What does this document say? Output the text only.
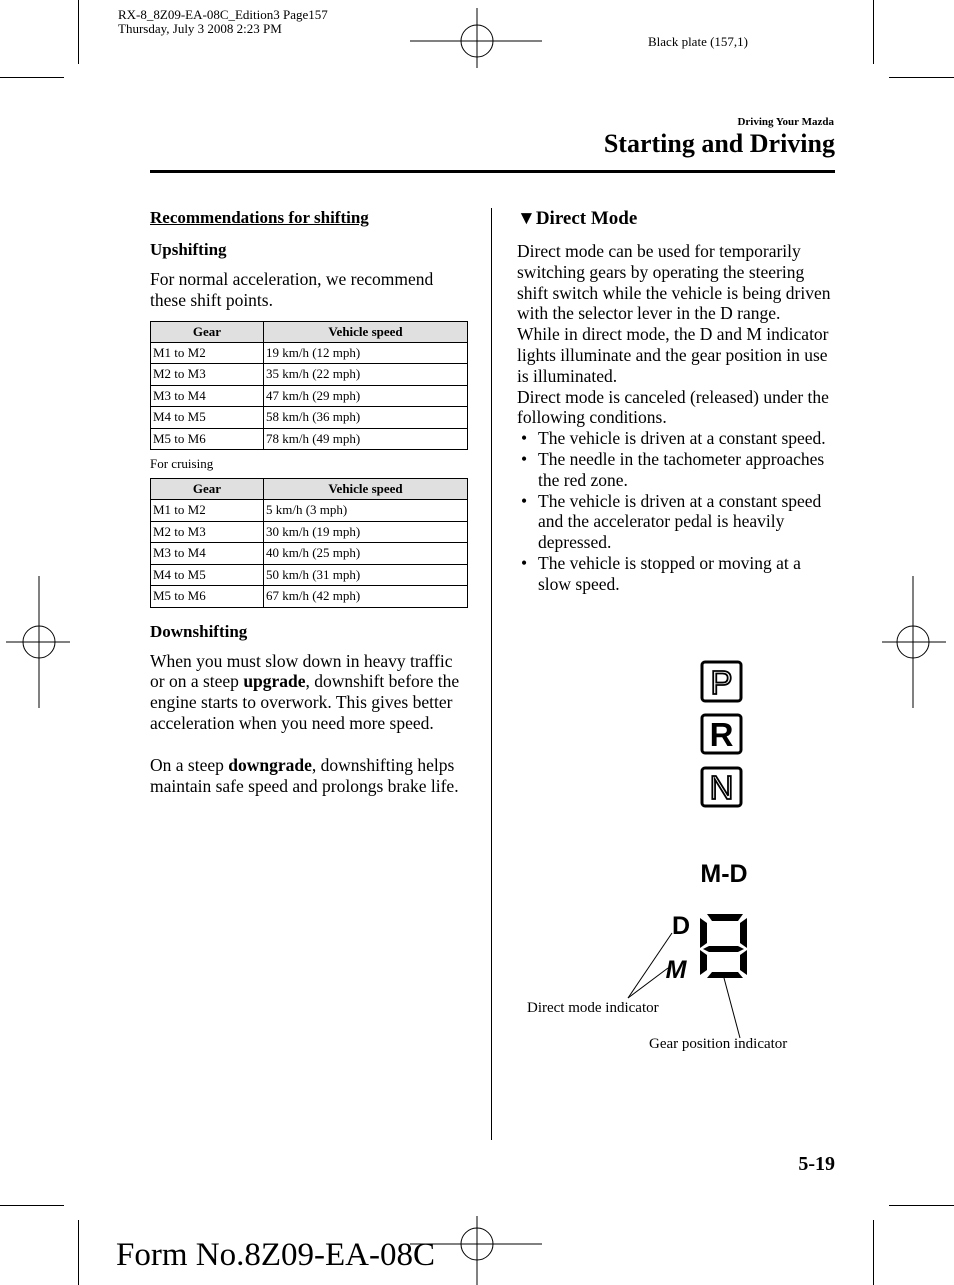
RX-8_8Z09-EA-08C_Edition3 Page157
Thursday, July 3 2008 2:23 PM
Black plate (157,1)
Driving Your Mazda
Starting and Driving
Recommendations for shifting
Upshifting

For normal acceleration, we recommend these shift points.

Gear	Vehicle speed
M1 to M2	19 km/h (12 mph)
M2 to M3	35 km/h (22 mph)
M3 to M4	47 km/h (29 mph)
M4 to M5	58 km/h (36 mph)
M5 to M6	78 km/h (49 mph)
For cruising
Gear	Vehicle speed
M1 to M2	5 km/h (3 mph)
M2 to M3	30 km/h (19 mph)
M3 to M4	40 km/h (25 mph)
M4 to M5	50 km/h (31 mph)
M5 to M6	67 km/h (42 mph)
Downshifting

When you must slow down in heavy traffic or on a steep upgrade, downshift before the engine starts to overwork. This gives better acceleration when you need more speed.

On a steep downgrade, downshifting helps maintain safe speed and prolongs brake life.

▼Direct Mode

Direct mode can be used for temporarily switching gears by operating the steering shift switch while the vehicle is being driven with the selector lever in the D range.

While in direct mode, the D and M indicator lights illuminate and the gear position in use is illuminated.

Direct mode is canceled (released) under the following conditions.

• The vehicle is driven at a constant speed.
• The needle in the tachometer approaches the red zone.
• The vehicle is driven at a constant speed and the accelerator pedal is heavily depressed.
• The vehicle is stopped or moving at a slow speed.
P
R
N
M-D
D
M
Direct mode indicator
Gear position indicator
5-19
Form No.8Z09-EA-08C
